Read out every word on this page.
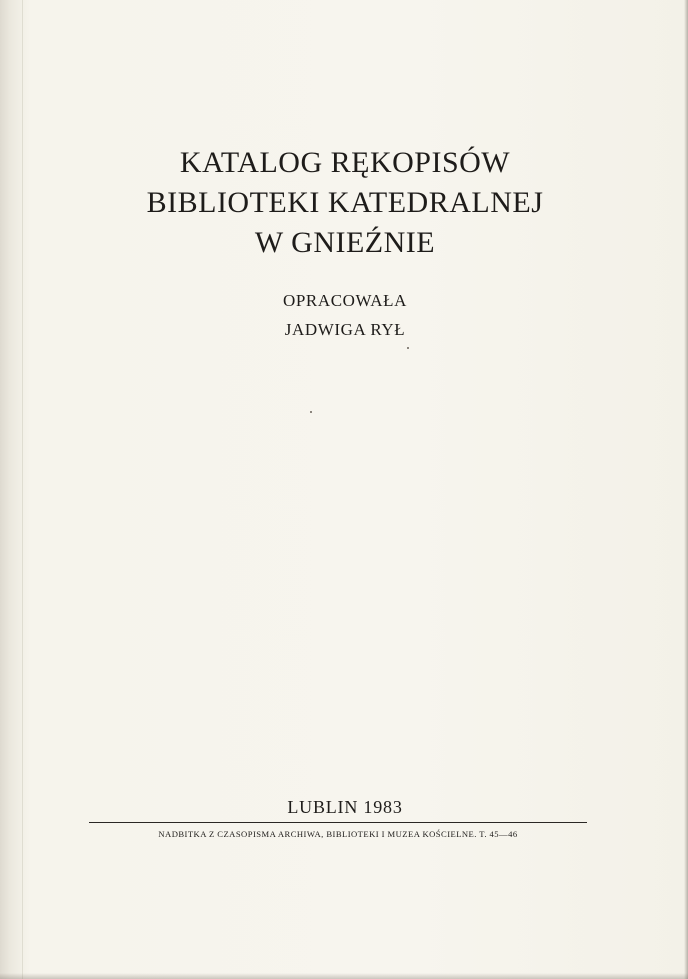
KATALOG RĘKOPISÓW
BIBLIOTEKI KATEDRALNEJ
W GNIEŹNIE
OPRACOWAŁA
JADWIGA RYŁ
LUBLIN 1983
NADBITKA Z CZASOPISMA ARCHIWA, BIBLIOTEKI I MUZEA KOŚCIELNE. T. 45—46
